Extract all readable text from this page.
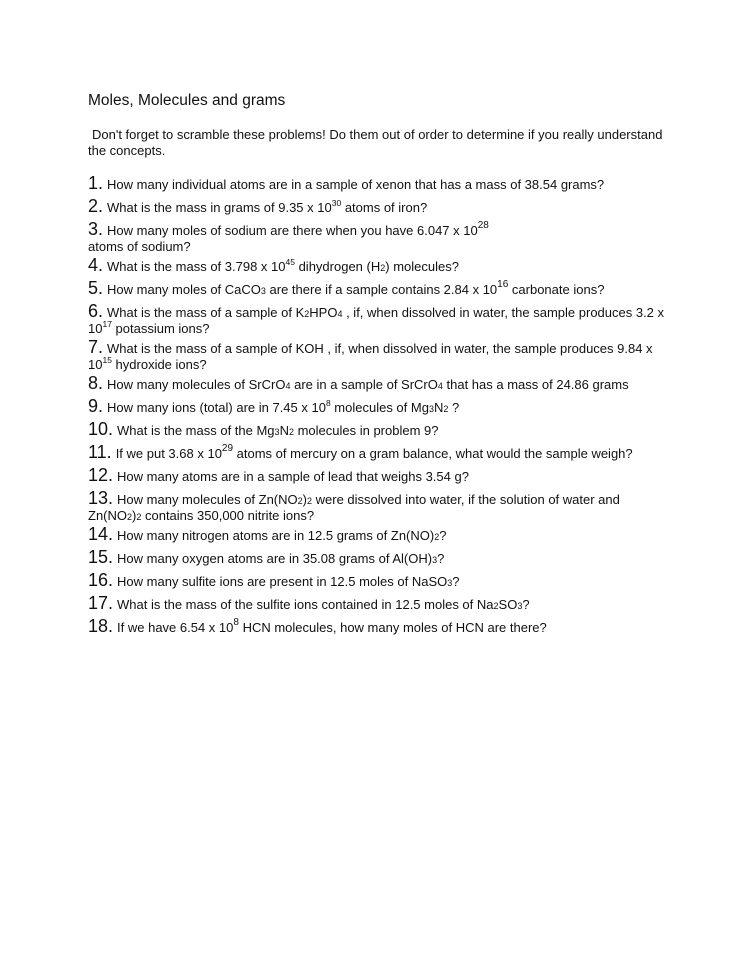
Moles, Molecules and grams
Don't forget to scramble these problems! Do them out of order to determine if you really understand the concepts.
1. How many individual atoms are in a sample of xenon that has a mass of 38.54 grams?
2. What is the mass in grams of 9.35 x $10^{30}$ atoms of iron?
3. How many moles of sodium are there when you have 6.047 x $10^{28}$
atoms of sodium?
4. What is the mass of 3.798 x $10^{45}$ dihydrogen (H2) molecules?
5. How many moles of CaCO3 are there if a sample contains 2.84 x $10^{16}$ carbonate ions?
6. What is the mass of a sample of K2HPO4 , if, when dissolved in water, the sample produces 3.2 x $10^{17}$ potassium ions?
7. What is the mass of a sample of KOH , if, when dissolved in water, the sample produces 9.84 x $10^{15}$ hydroxide ions?
8. How many molecules of SrCrO4 are in a sample of SrCrO4 that has a mass of 24.86 grams
9. How many ions (total) are in 7.45 x $10^8$ molecules of Mg3N2 ?
10. What is the mass of the Mg3N2 molecules in problem 9?
11. If we put 3.68 x $10^{29}$ atoms of mercury on a gram balance, what would the sample weigh?
12. How many atoms are in a sample of lead that weighs 3.54 g?
13. How many molecules of Zn(NO2)2 were dissolved into water, if the solution of water and Zn(NO2)2 contains 350,000 nitrite ions?
14. How many nitrogen atoms are in 12.5 grams of Zn(NO)2?
15. How many oxygen atoms are in 35.08 grams of Al(OH)3?
16. How many sulfite ions are present in 12.5 moles of NaSO3?
17. What is the mass of the sulfite ions contained in 12.5 moles of Na2SO3?
18. If we have 6.54 x $10^8$ HCN molecules, how many moles of HCN are there?
